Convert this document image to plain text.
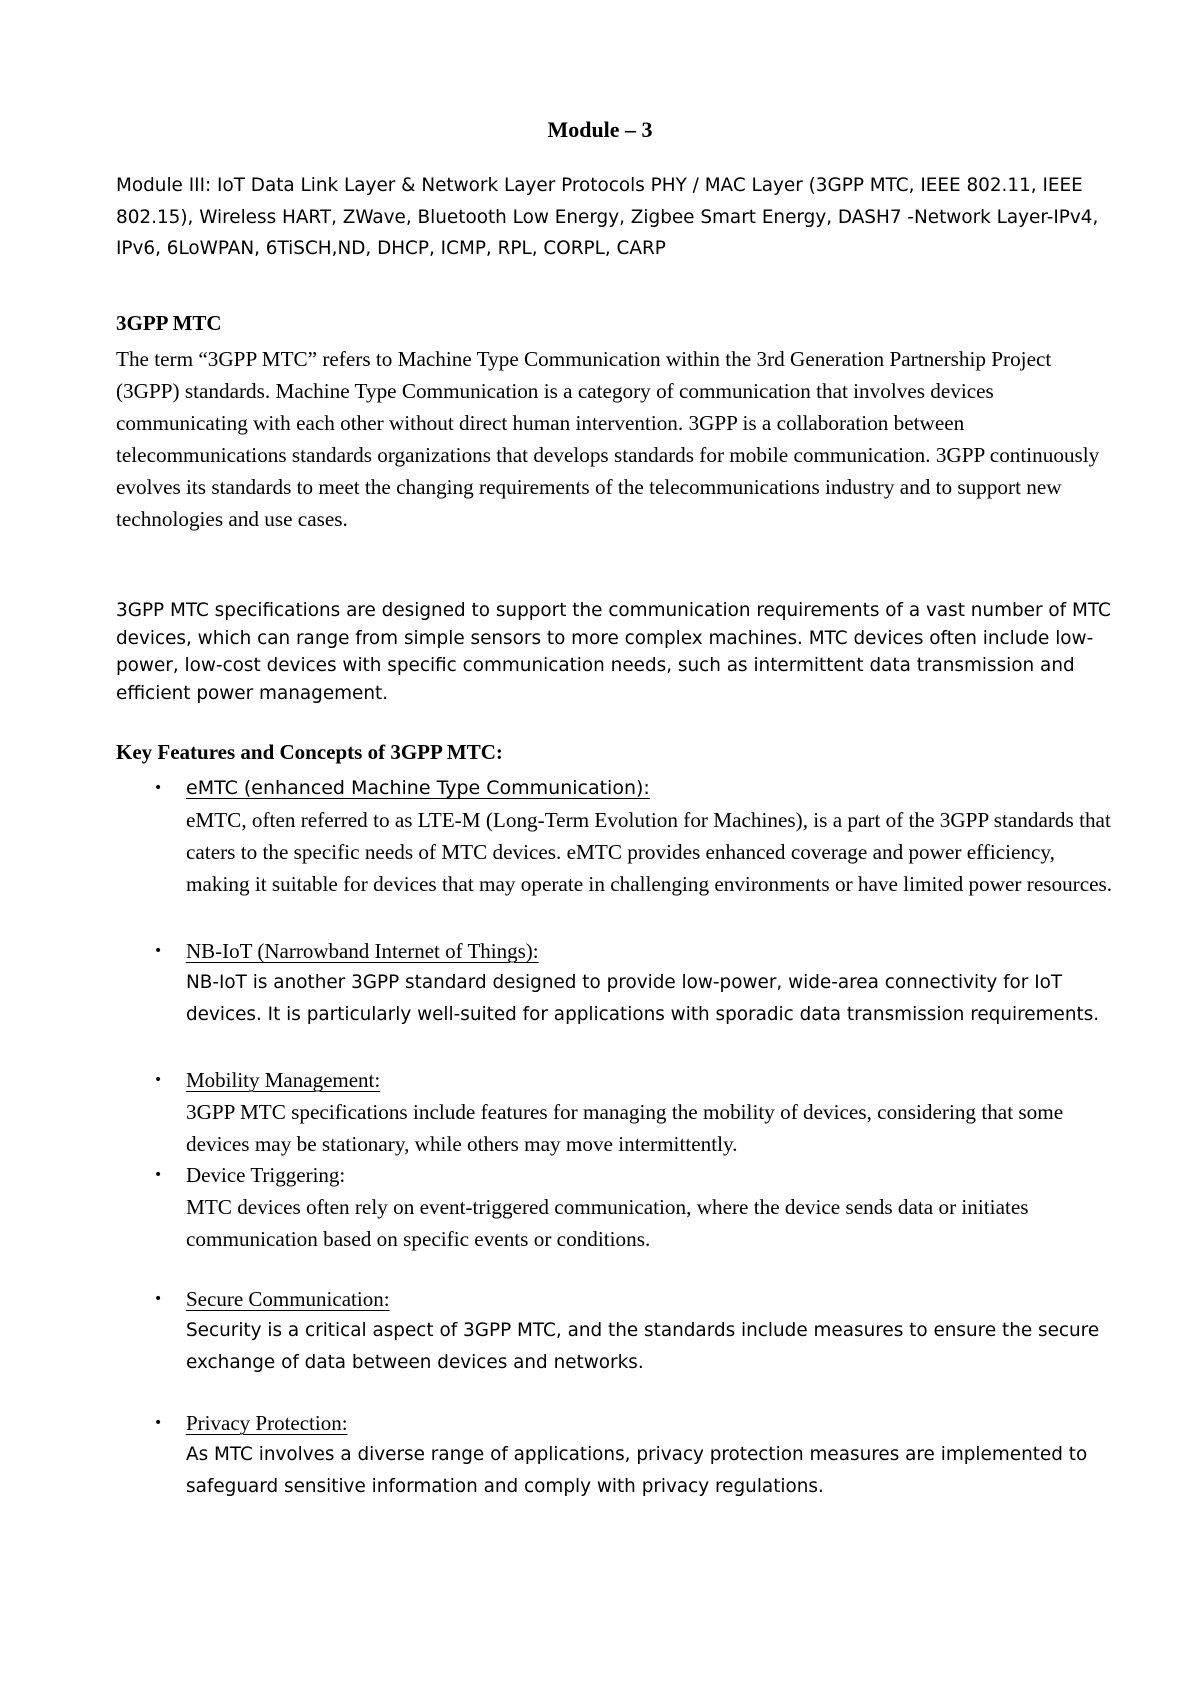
Module – 3
Module III: IoT Data Link Layer & Network Layer Protocols PHY / MAC Layer (3GPP MTC, IEEE 802.11, IEEE 802.15), Wireless HART, ZWave, Bluetooth Low Energy, Zigbee Smart Energy, DASH7 -Network Layer-IPv4, IPv6, 6LoWPAN, 6TiSCH,ND, DHCP, ICMP, RPL, CORPL, CARP
3GPP MTC
The term “3GPP MTC” refers to Machine Type Communication within the 3rd Generation Partnership Project (3GPP) standards. Machine Type Communication is a category of communication that involves devices communicating with each other without direct human intervention. 3GPP is a collaboration between telecommunications standards organizations that develops standards for mobile communication. 3GPP continuously evolves its standards to meet the changing requirements of the telecommunications industry and to support new technologies and use cases.
3GPP MTC specifications are designed to support the communication requirements of a vast number of MTC devices, which can range from simple sensors to more complex machines. MTC devices often include low-power, low-cost devices with specific communication needs, such as intermittent data transmission and efficient power management.
Key Features and Concepts of 3GPP MTC:
• eMTC (enhanced Machine Type Communication):
eMTC, often referred to as LTE-M (Long-Term Evolution for Machines), is a part of the 3GPP standards that caters to the specific needs of MTC devices. eMTC provides enhanced coverage and power efficiency, making it suitable for devices that may operate in challenging environments or have limited power resources.
• NB-IoT (Narrowband Internet of Things):
NB-IoT is another 3GPP standard designed to provide low-power, wide-area connectivity for IoT devices. It is particularly well-suited for applications with sporadic data transmission requirements.
• Mobility Management:
3GPP MTC specifications include features for managing the mobility of devices, considering that some devices may be stationary, while others may move intermittently.
• Device Triggering:
MTC devices often rely on event-triggered communication, where the device sends data or initiates communication based on specific events or conditions.
• Secure Communication:
Security is a critical aspect of 3GPP MTC, and the standards include measures to ensure the secure exchange of data between devices and networks.
• Privacy Protection:
As MTC involves a diverse range of applications, privacy protection measures are implemented to safeguard sensitive information and comply with privacy regulations.
